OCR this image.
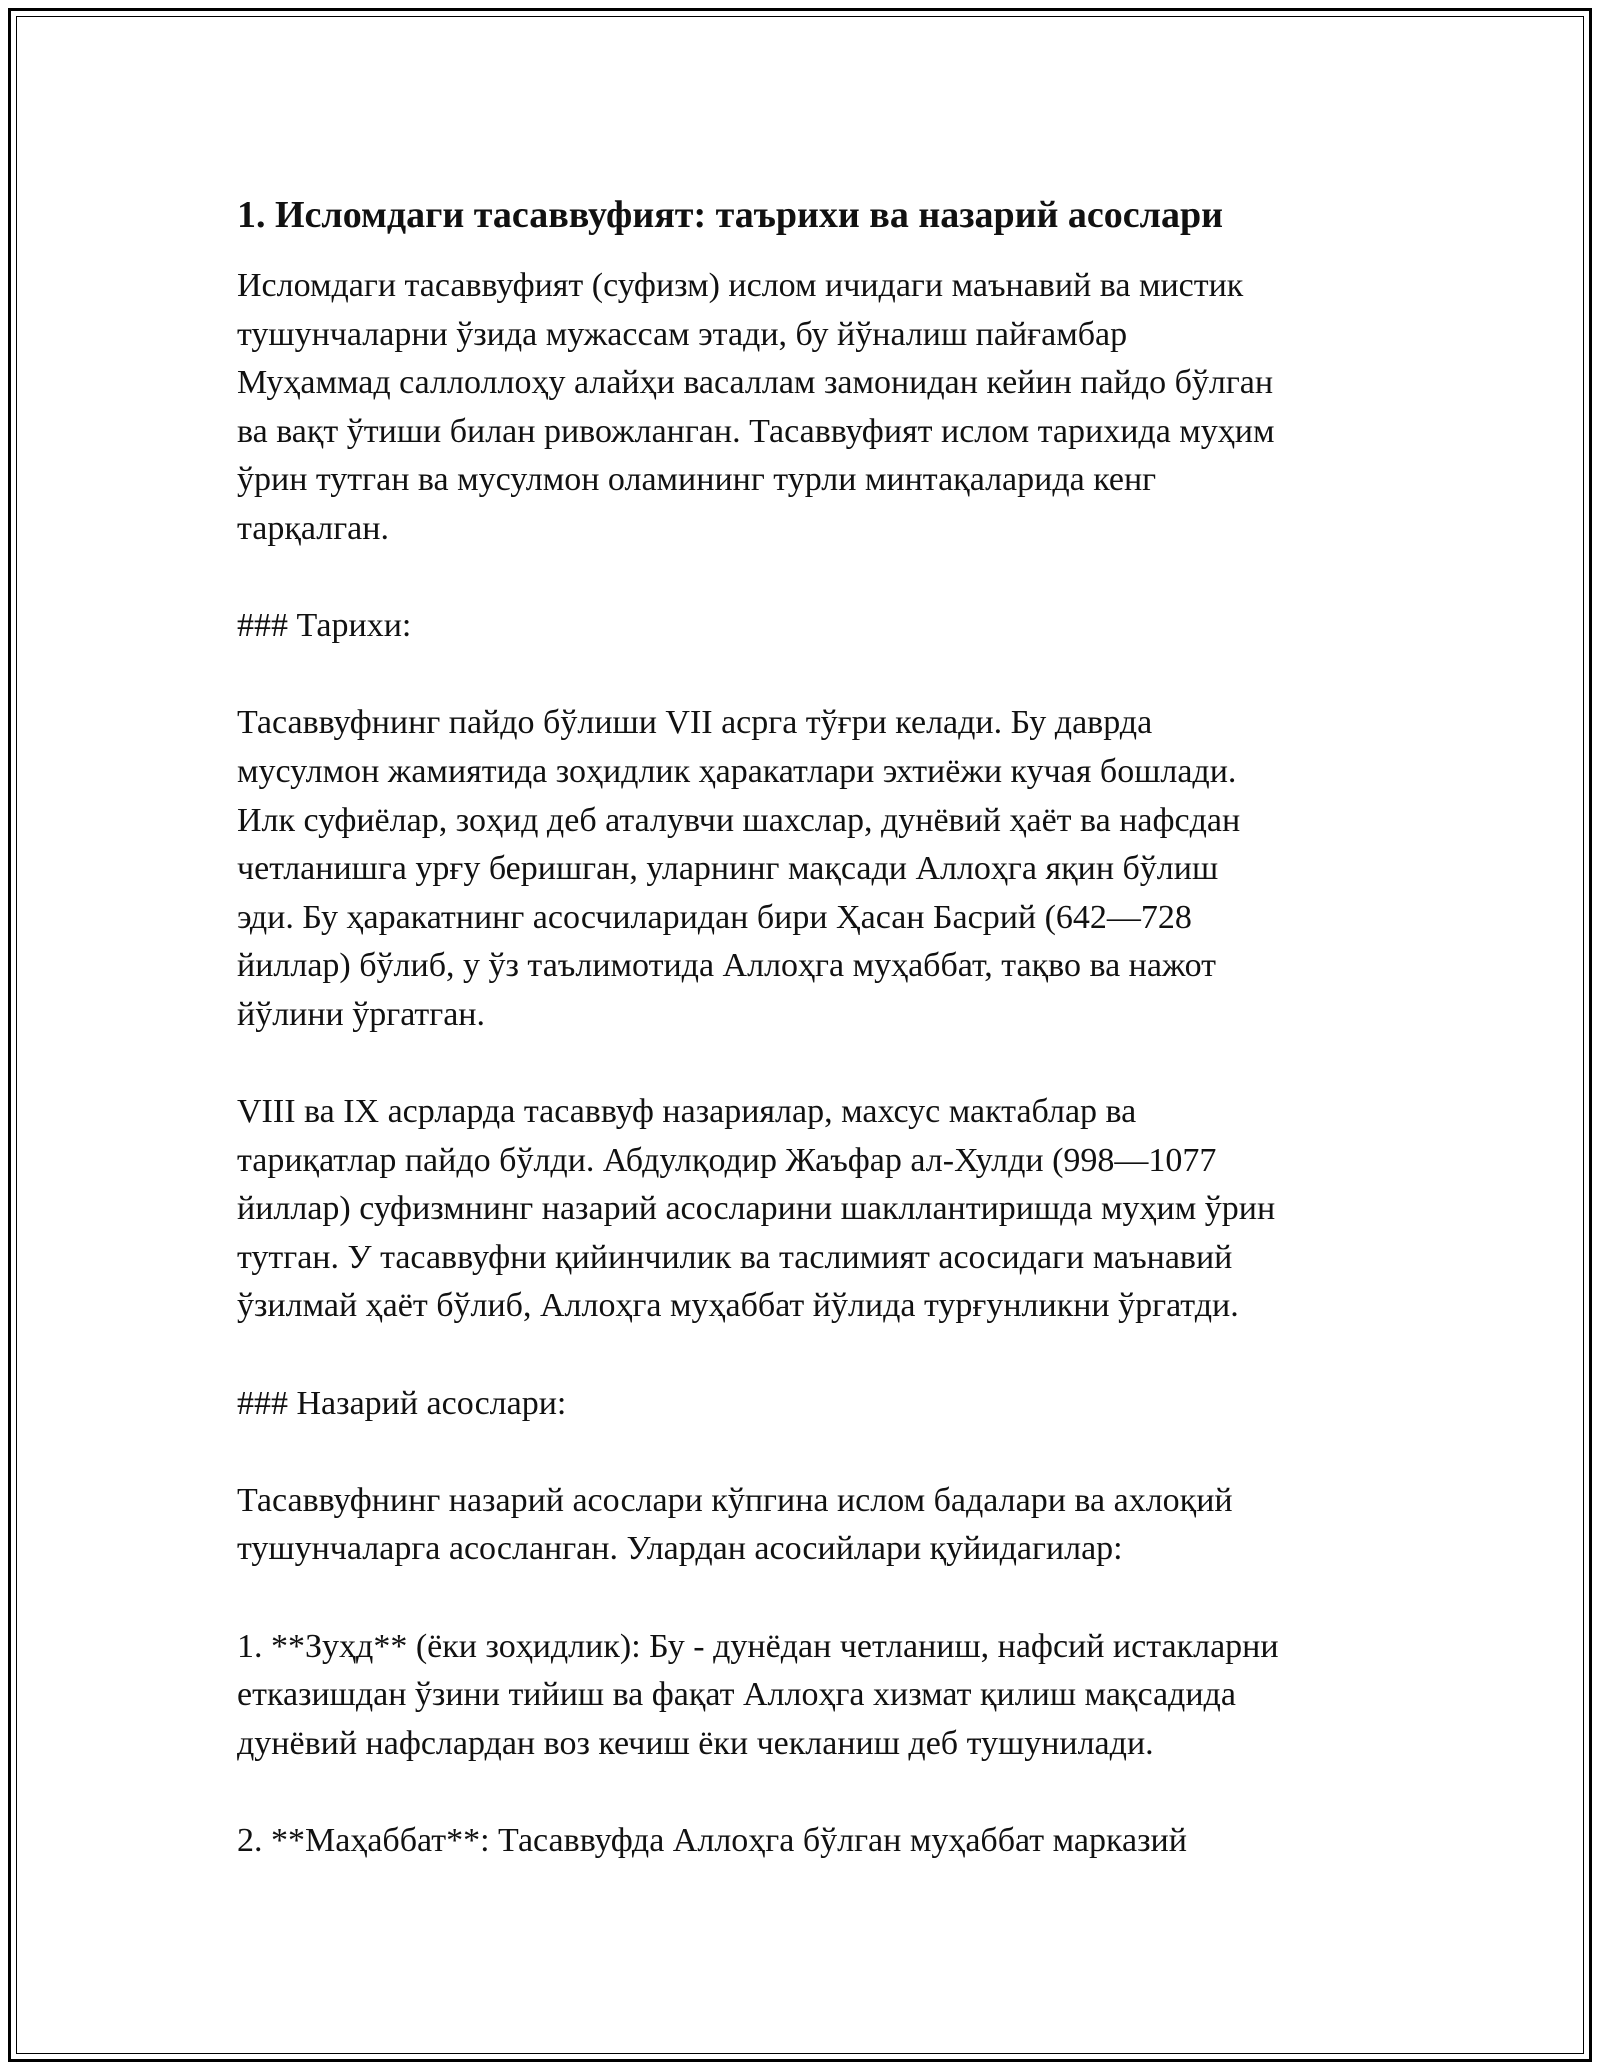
1. Исломдаги тасаввуфият: таърихи ва назарий асослари

Исломдаги тасаввуфият (суфизм) ислом ичидаги маънавий ва мистик
тушунчаларни ўзида мужассам этади, бу йўналиш пайғамбар
Муҳаммад саллоллоҳу алайҳи васаллам замонидан кейин пайдо бўлган
ва вақт ўтиши билан ривожланган. Тасаввуфият ислом тарихида муҳим
ўрин тутган ва мусулмон оламининг турли минтақаларида кенг
тарқалган.

### Тарихи:

Тасаввуфнинг пайдо бўлиши VII асрга тўғри келади. Бу даврда
мусулмон жамиятида зоҳидлик ҳаракатлари эхтиёжи кучая бошлади.
Илк суфиёлар, зоҳид деб аталувчи шахслар, дунёвий ҳаёт ва нафсдан
четланишга урғу беришган, уларнинг мақсади Аллоҳга яқин бўлиш
эди. Бу ҳаракатнинг асосчиларидан бири Ҳасан Басрий (642—728
йиллар) бўлиб, у ўз таълимотида Аллоҳга муҳаббат, тақво ва нажот
йўлини ўргатган.

VIII ва IX асрларда тасаввуф назариялар, махсус мактаблар ва
тариқатлар пайдо бўлди. Абдулқодир Жаъфар ал-Хулди (998—1077
йиллар) суфизмнинг назарий асосларини шакллантиришда муҳим ўрин
тутган. У тасаввуфни қийинчилик ва таслимият асосидаги маънавий
ўзилмай ҳаёт бўлиб, Аллоҳга муҳаббат йўлида турғунликни ўргатди.

### Назарий асослари:

Тасаввуфнинг назарий асослари кўпгина ислом бадалари ва ахлоқий
тушунчаларга асосланган. Улардан асосийлари қуйидагилар:

1. **Зуҳд** (ёки зоҳидлик): Бу - дунёдан четланиш, нафсий истакларни
етказишдан ўзини тийиш ва фақат Аллоҳга хизмат қилиш мақсадида
дунёвий нафслардан воз кечиш ёки чекланиш деб тушунилади.

2. **Маҳаббат**: Тасаввуфда Аллоҳга бўлган муҳаббат марказий
